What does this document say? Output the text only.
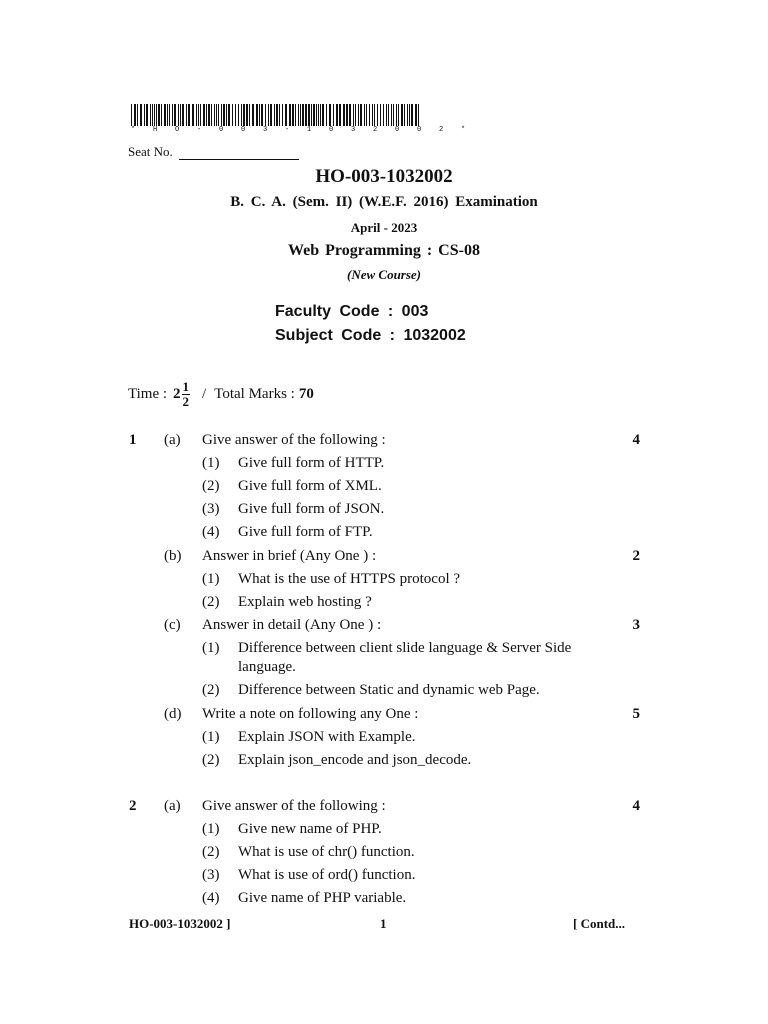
* H O - 0 0 3 - 1 0 3 2 0 0 2 *
Seat No.
HO-003-1032002
B. C. A. (Sem. II) (W.E.F. 2016) Examination
April - 2023
Web Programming : CS-08
(New Course)
Faculty Code : 003
Subject Code : 1032002
Time : $2 \frac{1}{2}$ / Total Marks : 70
1 (a) Give answer of the following :	4
(1) Give full form of HTTP.
(2) Give full form of XML.
(3) Give full form of JSON.
(4) Give full form of FTP.
(b) Answer in brief (Any One ) :	2
(1) What is the use of HTTPS protocol ?
(2) Explain web hosting ?
(c) Answer in detail (Any One ) :	3
(1) Difference between client slide language & Server Side
language.
(2) Difference between Static and dynamic web Page.
(d) Write a note on following any One :	5
(1) Explain JSON with Example.
(2) Explain json_encode and json_decode.
2 (a) Give answer of the following :	4
(1) Give new name of PHP.
(2) What is use of chr() function.
(3) What is use of ord() function.
(4) Give name of PHP variable.
HO-003-1032002 ]	1	[ Contd...
